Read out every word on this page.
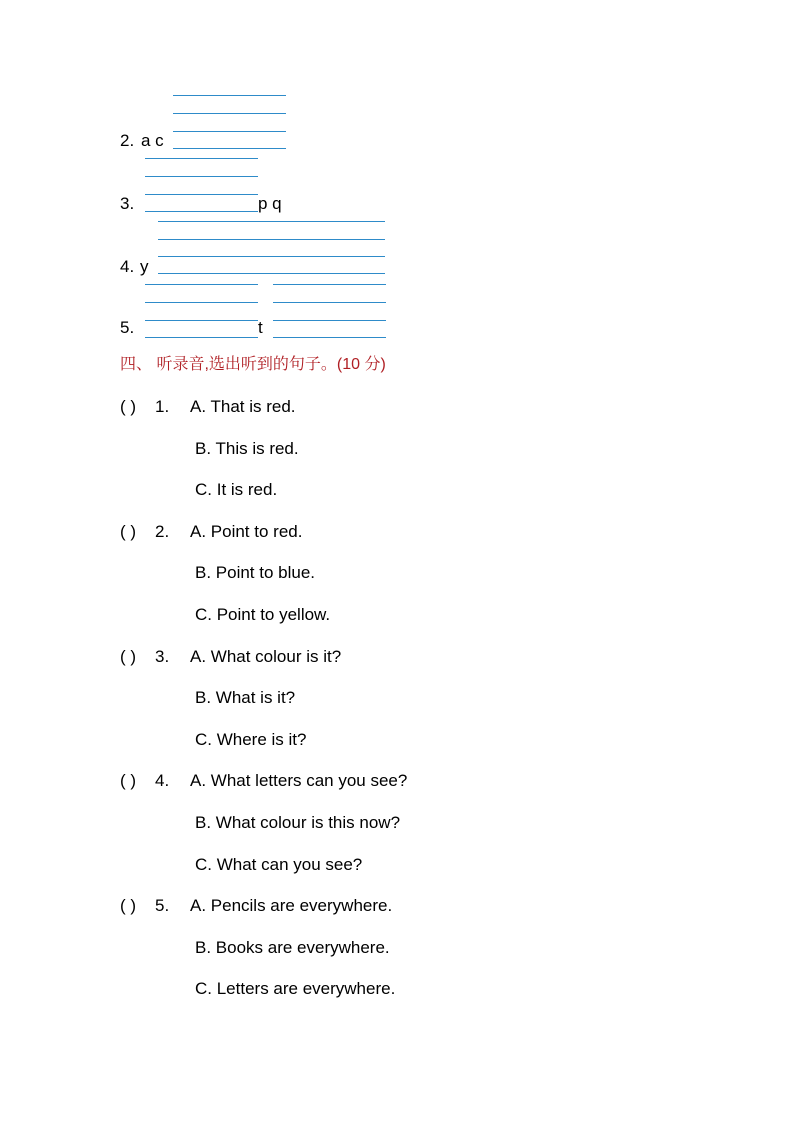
2. a c
3.	p q
4. y
5.	t
四、 听录音,选出听到的句子。(10 分)
( ) 1. A. That is red.
B. This is red.
C. It is red.
( ) 2. A. Point to red.
B. Point to blue.
C. Point to yellow.
( ) 3. A. What colour is it?
B. What is it?
C. Where is it?
( ) 4. A. What letters can you see?
B. What colour is this now?
C. What can you see?
( ) 5. A. Pencils are everywhere.
B. Books are everywhere.
C. Letters are everywhere.
